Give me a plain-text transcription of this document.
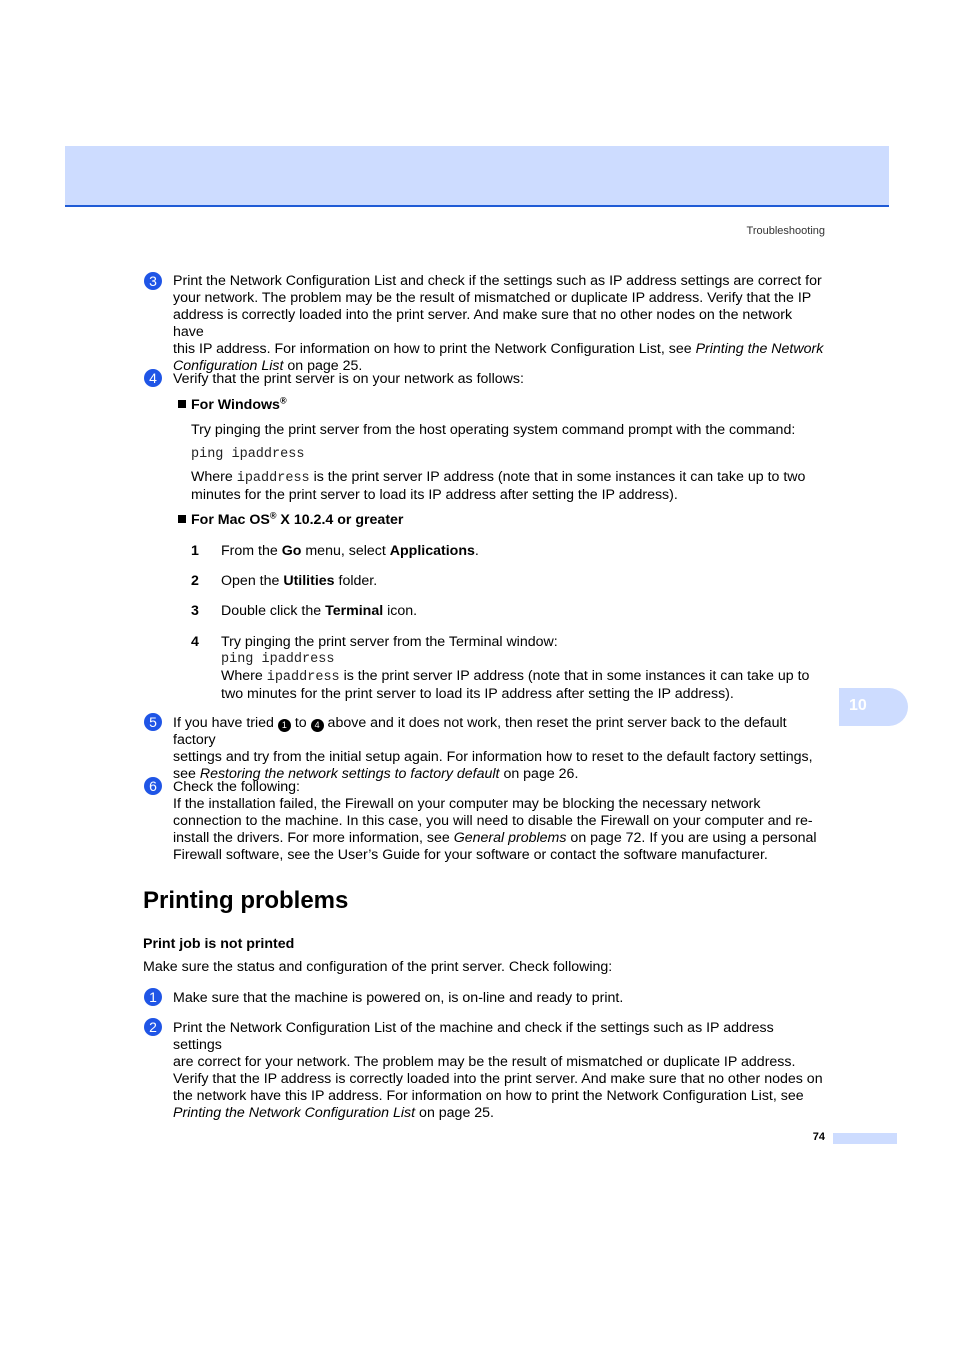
Troubleshooting
3	Print the Network Configuration List and check if the settings such as IP address settings are correct for

your network. The problem may be the result of mismatched or duplicate IP address. Verify that the IP

address is correctly loaded into the print server. And make sure that no other nodes on the network have

this IP address. For information on how to print the Network Configuration List, see Printing the Network

Configuration List on page 25.

4	Verify that the print server is on your network as follows:
For Windows®
Try pinging the print server from the host operating system command prompt with the command:
ping ipaddress

Where ipaddress is the print server IP address (note that in some instances it can take up to two

minutes for the print server to load its IP address after setting the IP address).

For Mac OS® X 10.2.4 or greater
1 From the Go menu, select Applications.
2 Open the Utilities folder.
3 Double click the Terminal icon.
4 Try pinging the print server from the Terminal window:

ping ipaddress

Where ipaddress is the print server IP address (note that in some instances it can take up to

two minutes for the print server to load its IP address after setting the IP address).

10
5	If you have tried 1 to 4 above and it does not work, then reset the print server back to the default factory

settings and try from the initial setup again. For information how to reset to the default factory settings,

see Restoring the network settings to factory default on page 26.

6	Check the following:

If the installation failed, the Firewall on your computer may be blocking the necessary network

connection to the machine. In this case, you will need to disable the Firewall on your computer and re-

install the drivers. For more information, see General problems on page 72. If you are using a personal

Firewall software, see the User’s Guide for your software or contact the software manufacturer.

Printing problems
Print job is not printed
Make sure the status and configuration of the print server. Check following:
1	Make sure that the machine is powered on, is on-line and ready to print.
2	Print the Network Configuration List of the machine and check if the settings such as IP address settings

are correct for your network. The problem may be the result of mismatched or duplicate IP address.

Verify that the IP address is correctly loaded into the print server. And make sure that no other nodes on

the network have this IP address. For information on how to print the Network Configuration List, see

Printing the Network Configuration List on page 25.

74
